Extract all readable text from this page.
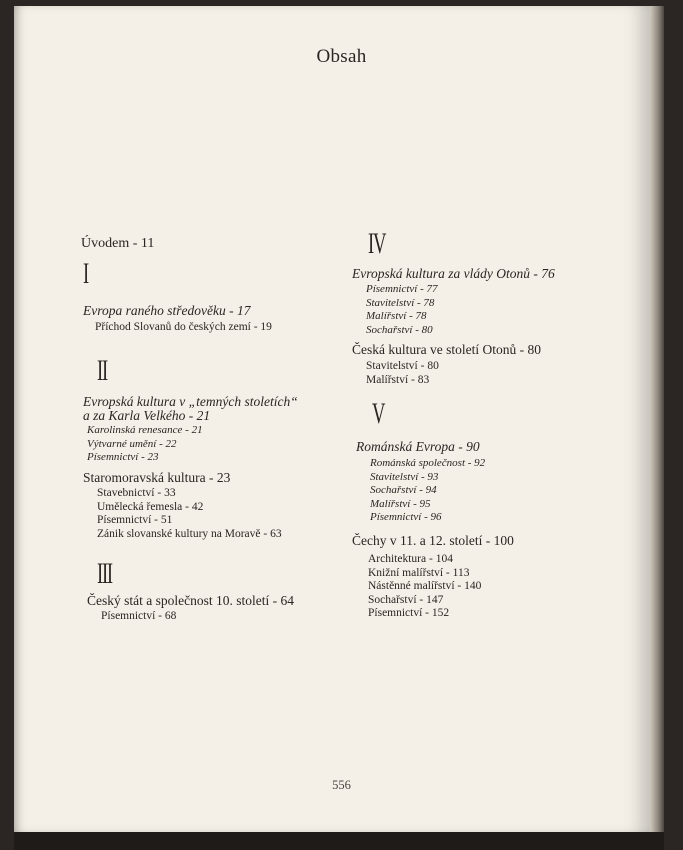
Obsah
Úvodem - 11
I
Evropa raného středověku - 17
Příchod Slovanů do českých zemí - 19
II
Evropská kultura v „temných stoletích“
a za Karla Velkého - 21
Karolinská renesance - 21
Výtvarné umění - 22
Písemnictví - 23
Staromoravská kultura - 23
Stavebnictví - 33
Umělecká řemesla - 42
Písemnictví - 51
Zánik slovanské kultury na Moravě - 63
III
Český stát a společnost 10. století - 64
Písemnictví - 68
IV
Evropská kultura za vlády Otonů - 76
Písemnictví - 77
Stavitelství - 78
Malířství - 78
Sochařství - 80
Česká kultura ve století Otonů - 80
Stavitelství - 80
Malířství - 83
V
Románská Evropa - 90
Románská společnost - 92
Stavitelství - 93
Sochařství - 94
Malířství - 95
Písemnictví - 96
Čechy v 11. a 12. století - 100
Architektura - 104
Knižní malířství - 113
Nástěnné malířství - 140
Sochařství - 147
Písemnictví - 152
556
